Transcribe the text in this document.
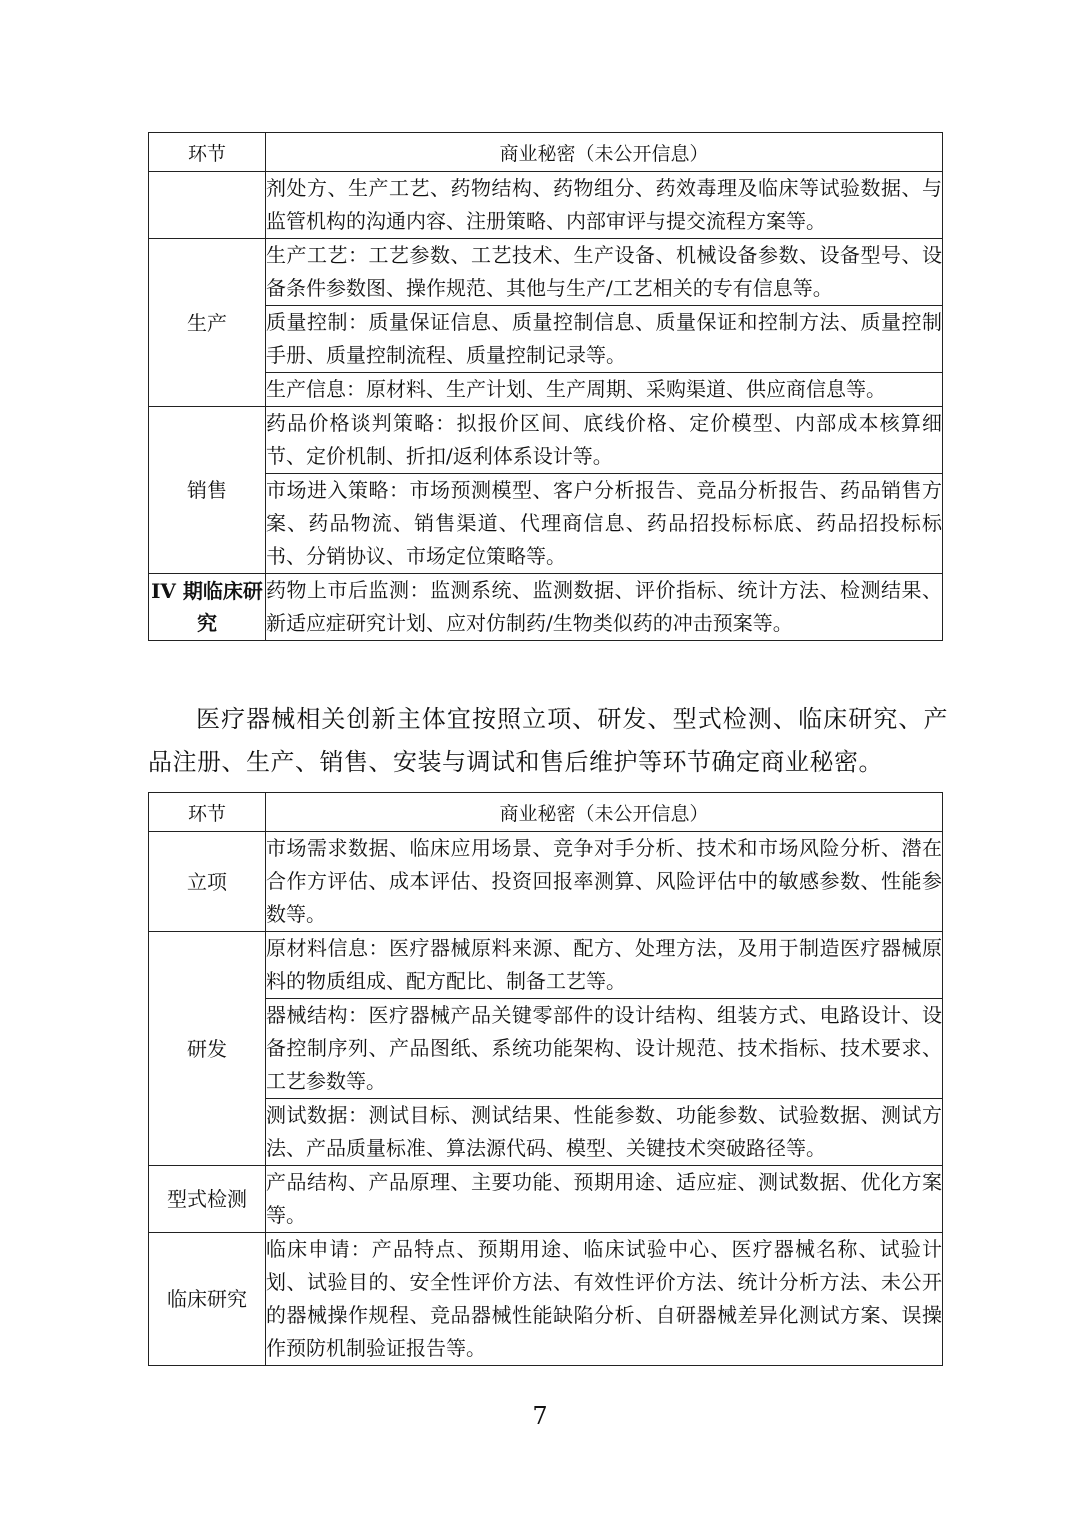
环节	商业秘密（未公开信息）
	剂处方、生产工艺、药物结构、药物组分、药效毒理及临床等试验数据、与监管机构的沟通内容、注册策略、内部审评与提交流程方案等。
生产	生产工艺：工艺参数、工艺技术、生产设备、机械设备参数、设备型号、设备条件参数图、操作规范、其他与生产/工艺相关的专有信息等。
	质量控制：质量保证信息、质量控制信息、质量保证和控制方法、质量控制手册、质量控制流程、质量控制记录等。
	生产信息：原材料、生产计划、生产周期、采购渠道、供应商信息等。
销售	药品价格谈判策略：拟报价区间、底线价格、定价模型、内部成本核算细节、定价机制、折扣/返利体系设计等。
	市场进入策略：市场预测模型、客户分析报告、竞品分析报告、药品销售方案、药品物流、销售渠道、代理商信息、药品招投标标底、药品招投标标书、分销协议、市场定位策略等。
IV 期临床研究	药物上市后监测：监测系统、监测数据、评价指标、统计方法、检测结果、新适应症研究计划、应对仿制药/生物类似药的冲击预案等。
医疗器械相关创新主体宜按照立项、研发、型式检测、临床研究、产品注册、生产、销售、安装与调试和售后维护等环节确定商业秘密。
环节	商业秘密（未公开信息）
立项	市场需求数据、临床应用场景、竞争对手分析、技术和市场风险分析、潜在合作方评估、成本评估、投资回报率测算、风险评估中的敏感参数、性能参数等。
研发	原材料信息：医疗器械原料来源、配方、处理方法，及用于制造医疗器械原料的物质组成、配方配比、制备工艺等。
	器械结构：医疗器械产品关键零部件的设计结构、组装方式、电路设计、设备控制序列、产品图纸、系统功能架构、设计规范、技术指标、技术要求、工艺参数等。
	测试数据：测试目标、测试结果、性能参数、功能参数、试验数据、测试方法、产品质量标准、算法源代码、模型、关键技术突破路径等。
型式检测	产品结构、产品原理、主要功能、预期用途、适应症、测试数据、优化方案等。
临床研究	临床申请：产品特点、预期用途、临床试验中心、医疗器械名称、试验计划、试验目的、安全性评价方法、有效性评价方法、统计分析方法、未公开的器械操作规程、竞品器械性能缺陷分析、自研器械差异化测试方案、误操作预防机制验证报告等。
7
